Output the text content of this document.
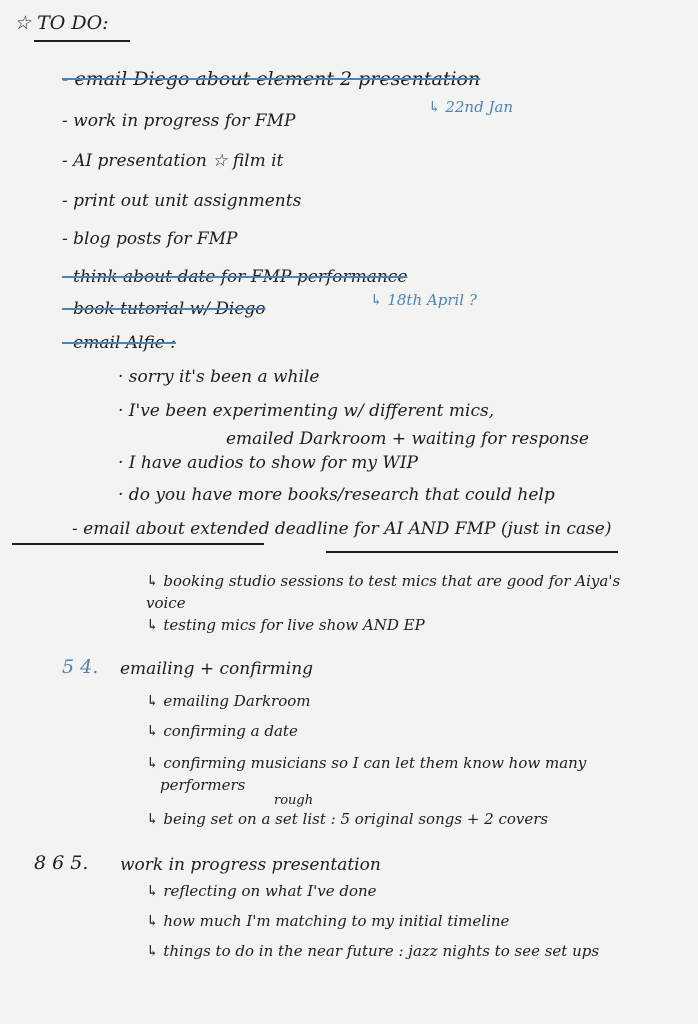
☆ TO DO:
- email Diego about element 2 presentation
↳ 22nd Jan
- work in progress for FMP
- AI presentation ☆ film it
- print out unit assignments
- blog posts for FMP
- think about date for FMP performance
- book tutorial w/ Diego	↳ 18th April ?
- email Alfie :
· sorry it's been a while
· I've been experimenting w/ different mics,
emailed Darkroom + waiting for response
· I have audios to show for my WIP
· do you have more books/research that could help
- email about extended deadline for AI AND FMP (just in case)
↳ booking studio sessions to test mics that are good for Aiya's
voice
↳ testing mics for live show AND EP
5 4. emailing + confirming
↳ emailing Darkroom
↳ confirming a date
↳ confirming musicians so I can let them know how many
performers
rough
↳ being set on a set list : 5 original songs + 2 covers
8 6 5. work in progress presentation
↳ reflecting on what I've done
↳ how much I'm matching to my initial timeline
↳ things to do in the near future : jazz nights to see set ups
